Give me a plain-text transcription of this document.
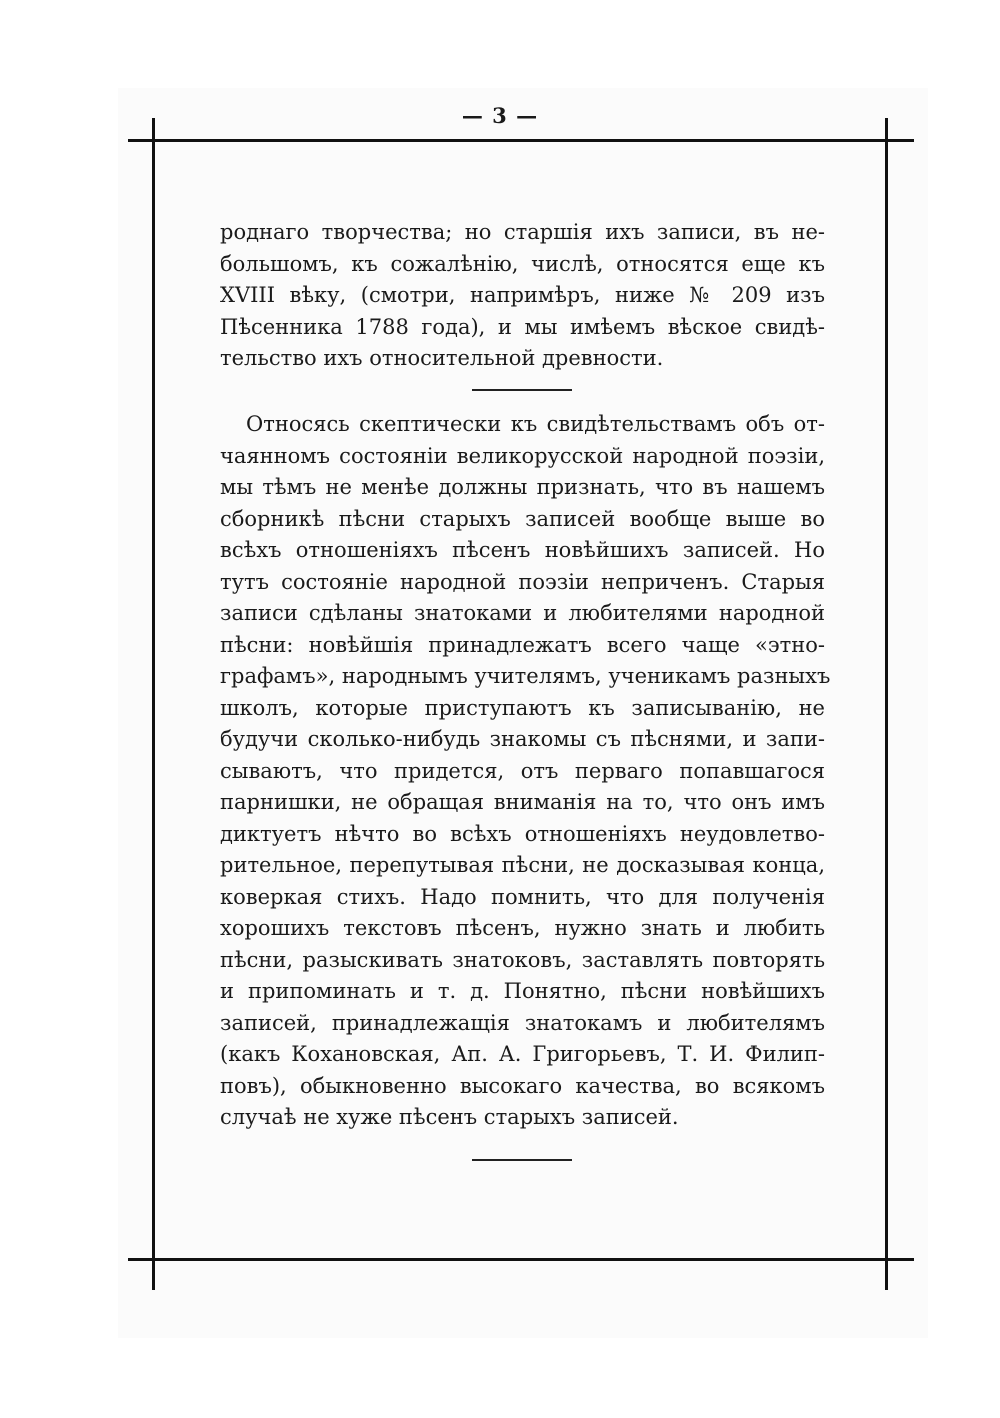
— 3 —
роднаго творчества; но старшія ихъ записи, въ не-
большомъ, къ сожалѣнію, числѣ, относятся еще къ
XVIII вѣку, (смотри, напримѣръ, ниже № 209 изъ
Пѣсенника 1788 года), и мы имѣемъ вѣское свидѣ-
тельство ихъ относительной древности.
Относясь скептически къ свидѣтельствамъ объ от-
чаянномъ состояніи великорусской народной поэзіи,
мы тѣмъ не менѣе должны признать, что въ нашемъ
сборникѣ пѣсни старыхъ записей вообще выше во
всѣхъ отношеніяхъ пѣсенъ новѣйшихъ записей. Но
тутъ состояніе народной поэзіи неприченъ. Старыя
записи сдѣланы знатоками и любителями народной
пѣсни: новѣйшія принадлежатъ всего чаще «этно-
графамъ», народнымъ учителямъ, ученикамъ разныхъ
школъ, которые приступаютъ къ записыванію, не
будучи сколько-нибудь знакомы съ пѣснями, и запи-
сываютъ, что придется, отъ перваго попавшагося
парнишки, не обращая вниманія на то, что онъ имъ
диктуетъ нѣчто во всѣхъ отношеніяхъ неудовлетво-
рительное, перепутывая пѣсни, не досказывая конца,
коверкая стихъ. Надо помнить, что для полученія
хорошихъ текстовъ пѣсенъ, нужно знать и любить
пѣсни, разыскивать знатоковъ, заставлять повторять
и припоминать и т. д. Понятно, пѣсни новѣйшихъ
записей, принадлежащія знатокамъ и любителямъ
(какъ Кохановская, Ап. А. Григорьевъ, Т. И. Филип-
повъ), обыкновенно высокаго качества, во всякомъ
случаѣ не хуже пѣсенъ старыхъ записей.
